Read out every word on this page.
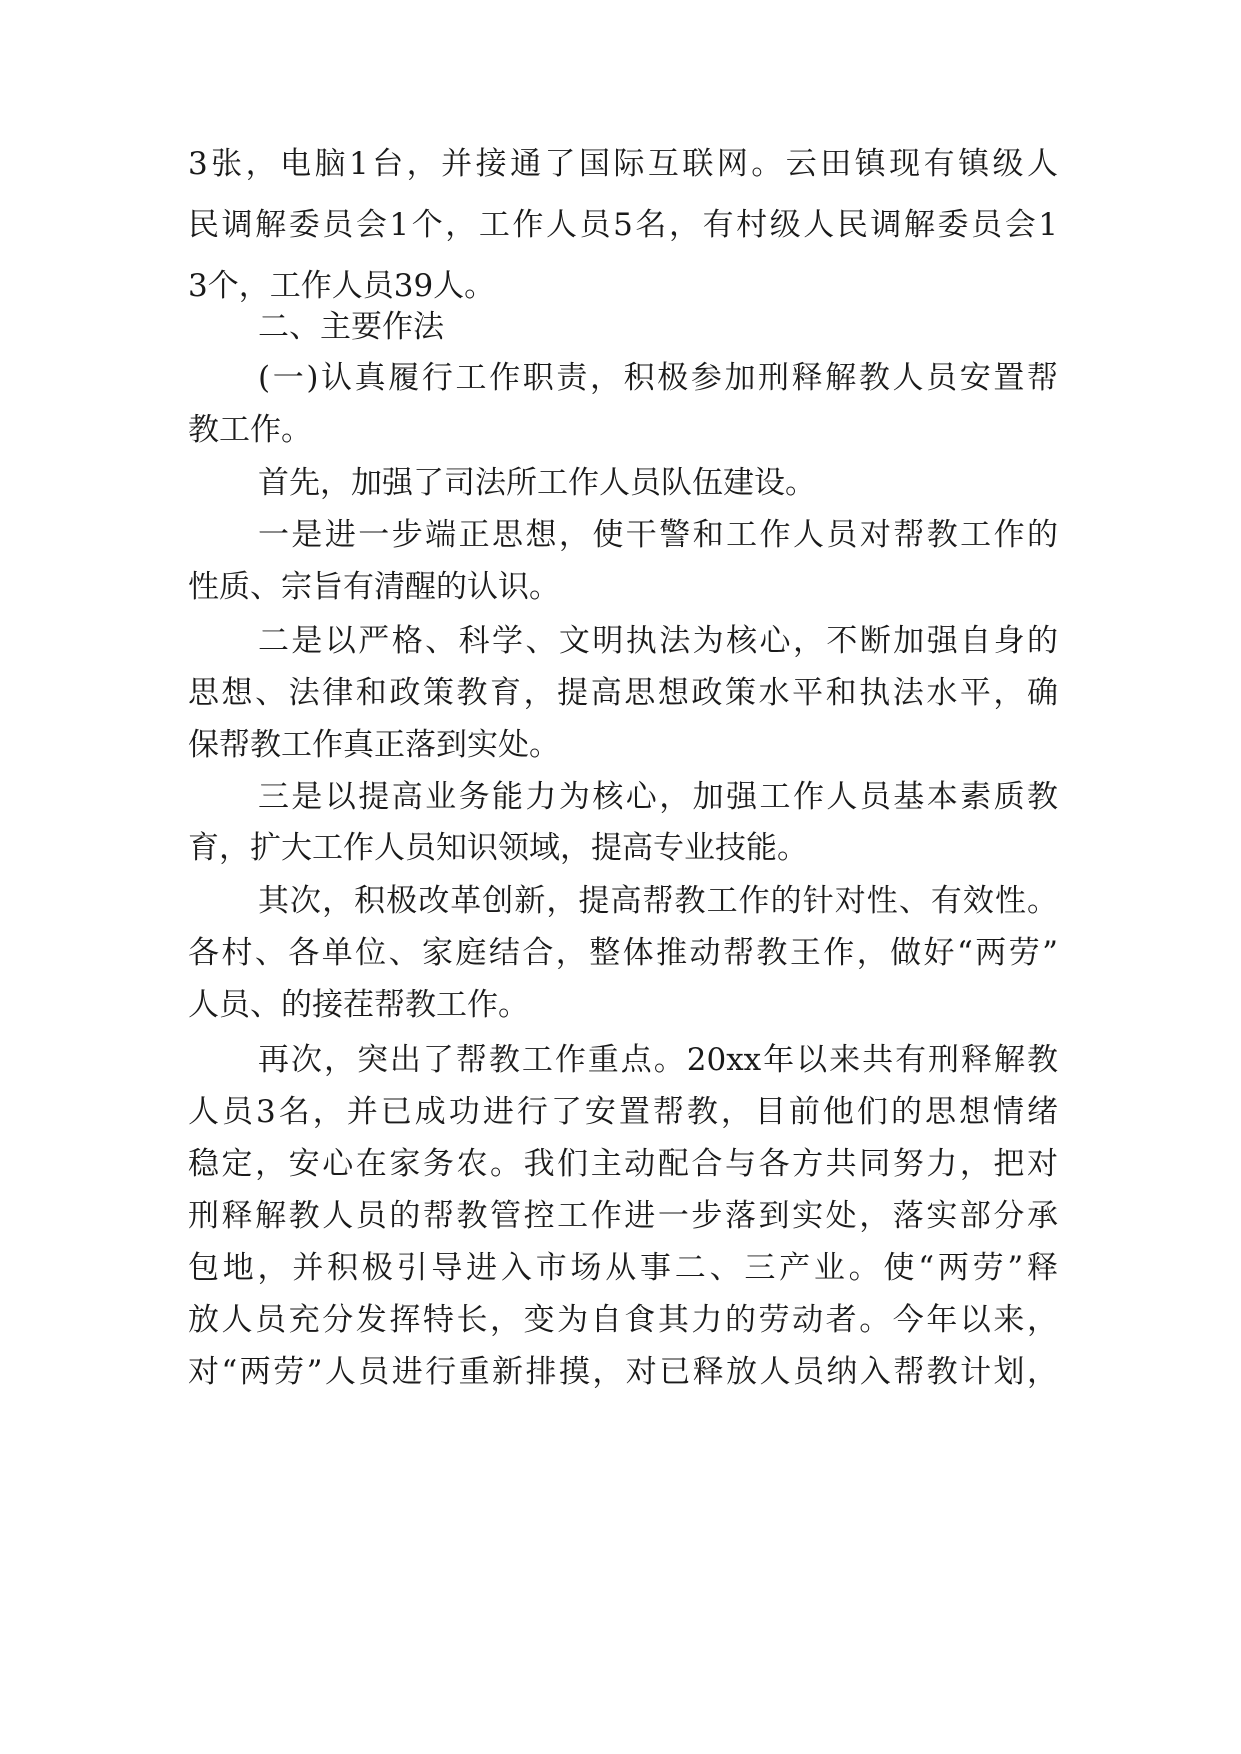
3张，电脑1台，并接通了国际互联网。云田镇现有镇级人
民调解委员会1个，工作人员5名，有村级人民调解委员会1
3个，工作人员39人。
二、主要作法
(一)认真履行工作职责，积极参加刑释解教人员安置帮
教工作。
首先，加强了司法所工作人员队伍建设。
一是进一步端正思想，使干警和工作人员对帮教工作的
性质、宗旨有清醒的认识。
二是以严格、科学、文明执法为核心，不断加强自身的
思想、法律和政策教育，提高思想政策水平和执法水平，确
保帮教工作真正落到实处。
三是以提高业务能力为核心，加强工作人员基本素质教
育，扩大工作人员知识领域，提高专业技能。
其次，积极改革创新，提高帮教工作的针对性、有效性。
各村、各单位、家庭结合，整体推动帮教王作，做好“两劳”
人员、的接茬帮教工作。
再次，突出了帮教工作重点。20xx年以来共有刑释解教
人员3名，并已成功进行了安置帮教，目前他们的思想情绪
稳定，安心在家务农。我们主动配合与各方共同努力，把对
刑释解教人员的帮教管控工作进一步落到实处，落实部分承
包地，并积极引导进入市场从事二、三产业。使“两劳”释
放人员充分发挥特长，变为自食其力的劳动者。今年以来，
对“两劳”人员进行重新排摸，对已释放人员纳入帮教计划，
